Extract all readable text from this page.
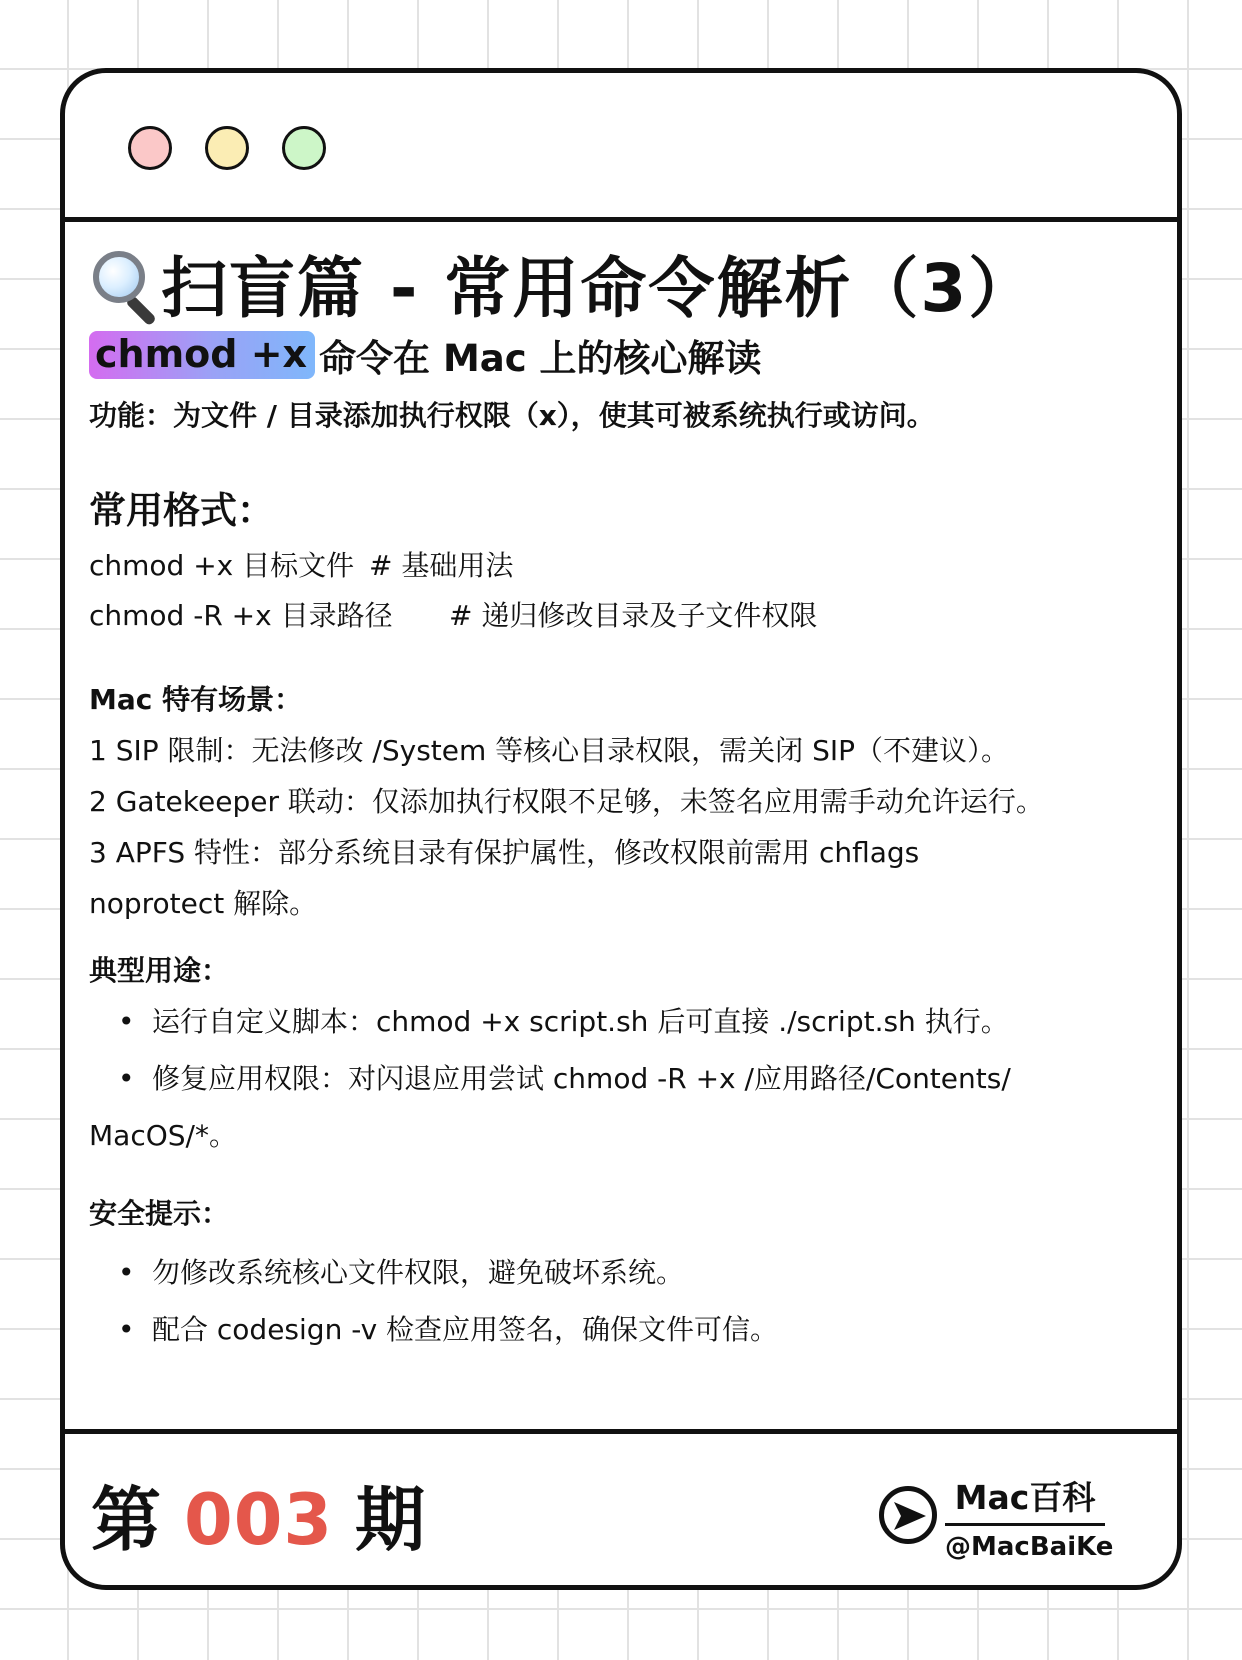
扫盲篇 - 常用命令解析（3）
chmod +x 命令在 Mac 上的核心解读
功能：为文件 / 目录添加执行权限（x），使其可被系统执行或访问。
常用格式：
chmod +x 目标文件 # 基础用法
chmod -R +x 目录路径 # 递归修改目录及子文件权限
Mac 特有场景：
1 SIP 限制：无法修改 /System 等核心目录权限，需关闭 SIP（不建议）。
2 Gatekeeper 联动：仅添加执行权限不足够，未签名应用需手动允许运行。
3 APFS 特性：部分系统目录有保护属性，修改权限前需用 chflags
noprotect 解除。
典型用途：
• 运行自定义脚本：chmod +x script.sh 后可直接 ./script.sh 执行。
• 修复应用权限：对闪退应用尝试 chmod -R +x /应用路径/Contents/
MacOS/*。
安全提示：
• 勿修改系统核心文件权限，避免破坏系统。
• 配合 codesign -v 检查应用签名，确保文件可信。
第 003 期	Mac百科
@MacBaiKe
